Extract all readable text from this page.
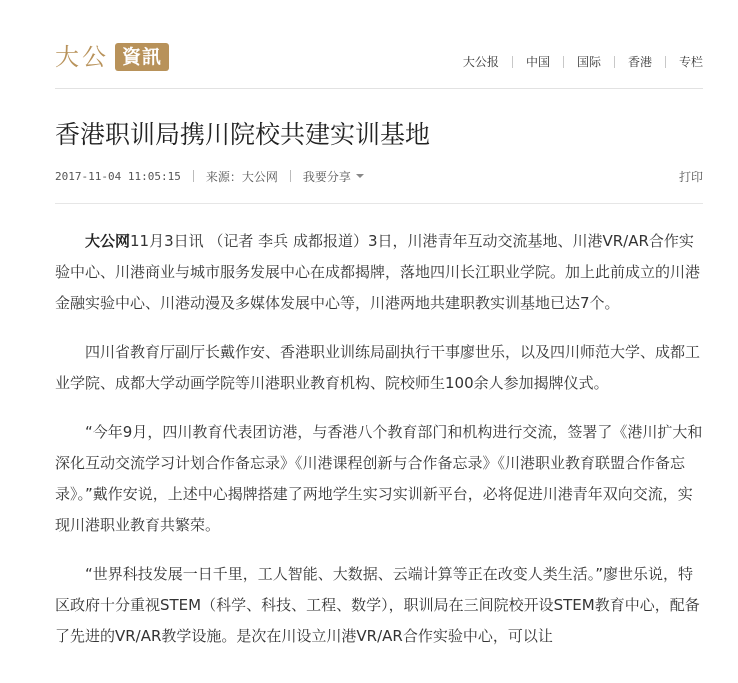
大公 資訊	大公报 中国 国际 香港 专栏
香港职训局携川院校共建实训基地
2017-11-04 11:05:15 来源：大公网 我要分享	打印

大公网11月3日讯 （记者 李兵 成都报道）3日，川港青年互动交流基地、川港VR/AR合作实验中心、川港商业与城市服务发展中心在成都揭牌，落地四川长江职业学院。加上此前成立的川港金融实验中心、川港动漫及多媒体发展中心等，川港两地共建职教实训基地已达7个。

四川省教育厅副厅长戴作安、香港职业训练局副执行干事廖世乐，以及四川师范大学、成都工业学院、成都大学动画学院等川港职业教育机构、院校师生100余人参加揭牌仪式。

“今年9月，四川教育代表团访港，与香港八个教育部门和机构进行交流，签署了《港川扩大和深化互动交流学习计划合作备忘录》《川港课程创新与合作备忘录》《川港职业教育联盟合作备忘录》。”戴作安说，上述中心揭牌搭建了两地学生实习实训新平台，必将促进川港青年双向交流，实现川港职业教育共繁荣。

“世界科技发展一日千里，工人智能、大数据、云端计算等正在改变人类生活。”廖世乐说，特区政府十分重视STEM（科学、科技、工程、数学），职训局在三间院校开设STEM教育中心，配备了先进的VR/AR教学设施。是次在川设立川港VR/AR合作实验中心，可以让
